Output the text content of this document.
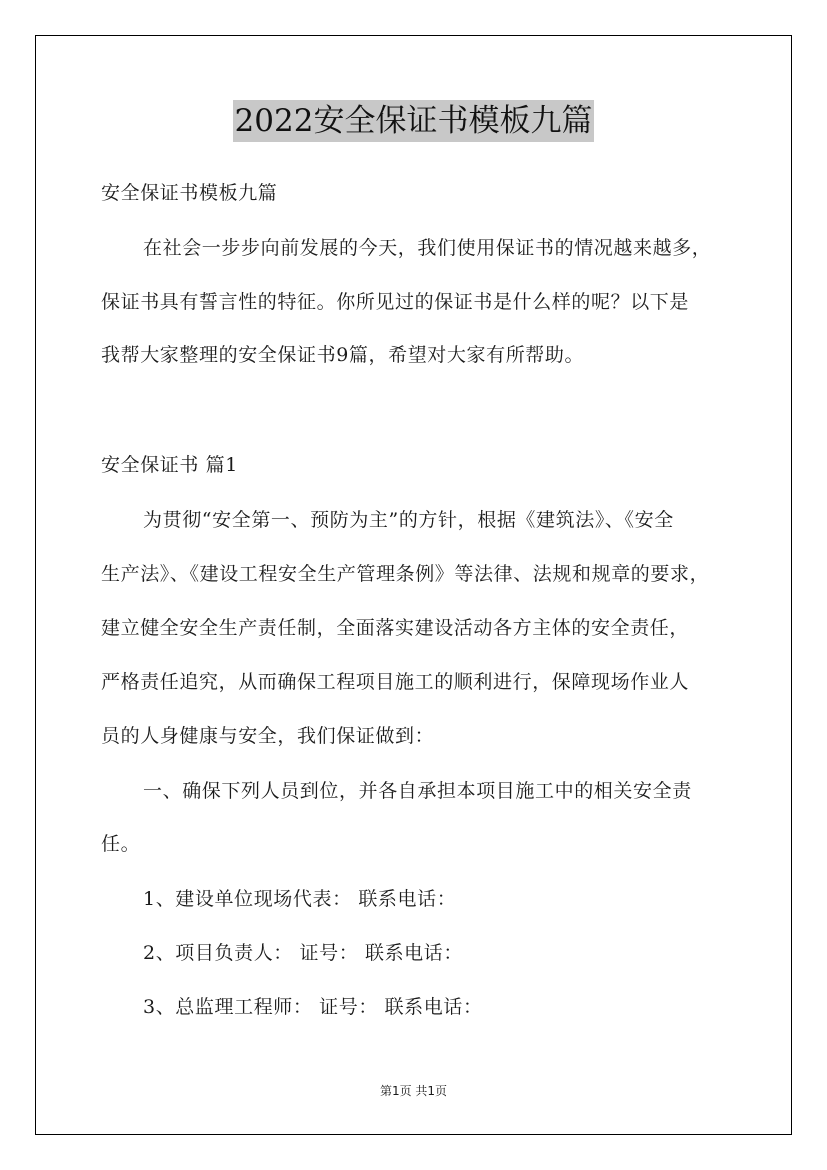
2022安全保证书模板九篇
安全保证书模板九篇
在社会一步步向前发展的今天，我们使用保证书的情况越来越多，
保证书具有誓言性的特征。你所见过的保证书是什么样的呢？以下是
我帮大家整理的安全保证书9篇，希望对大家有所帮助。
安全保证书 篇1
为贯彻“安全第一、预防为主”的方针，根据《建筑法》、《安全
生产法》、《建设工程安全生产管理条例》等法律、法规和规章的要求，
建立健全安全生产责任制，全面落实建设活动各方主体的安全责任，
严格责任追究，从而确保工程项目施工的顺利进行，保障现场作业人
员的人身健康与安全，我们保证做到：
一、确保下列人员到位，并各自承担本项目施工中的相关安全责
任。
1、建设单位现场代表： 联系电话：
2、项目负责人： 证号： 联系电话：
3、总监理工程师： 证号： 联系电话：
第1页 共1页
